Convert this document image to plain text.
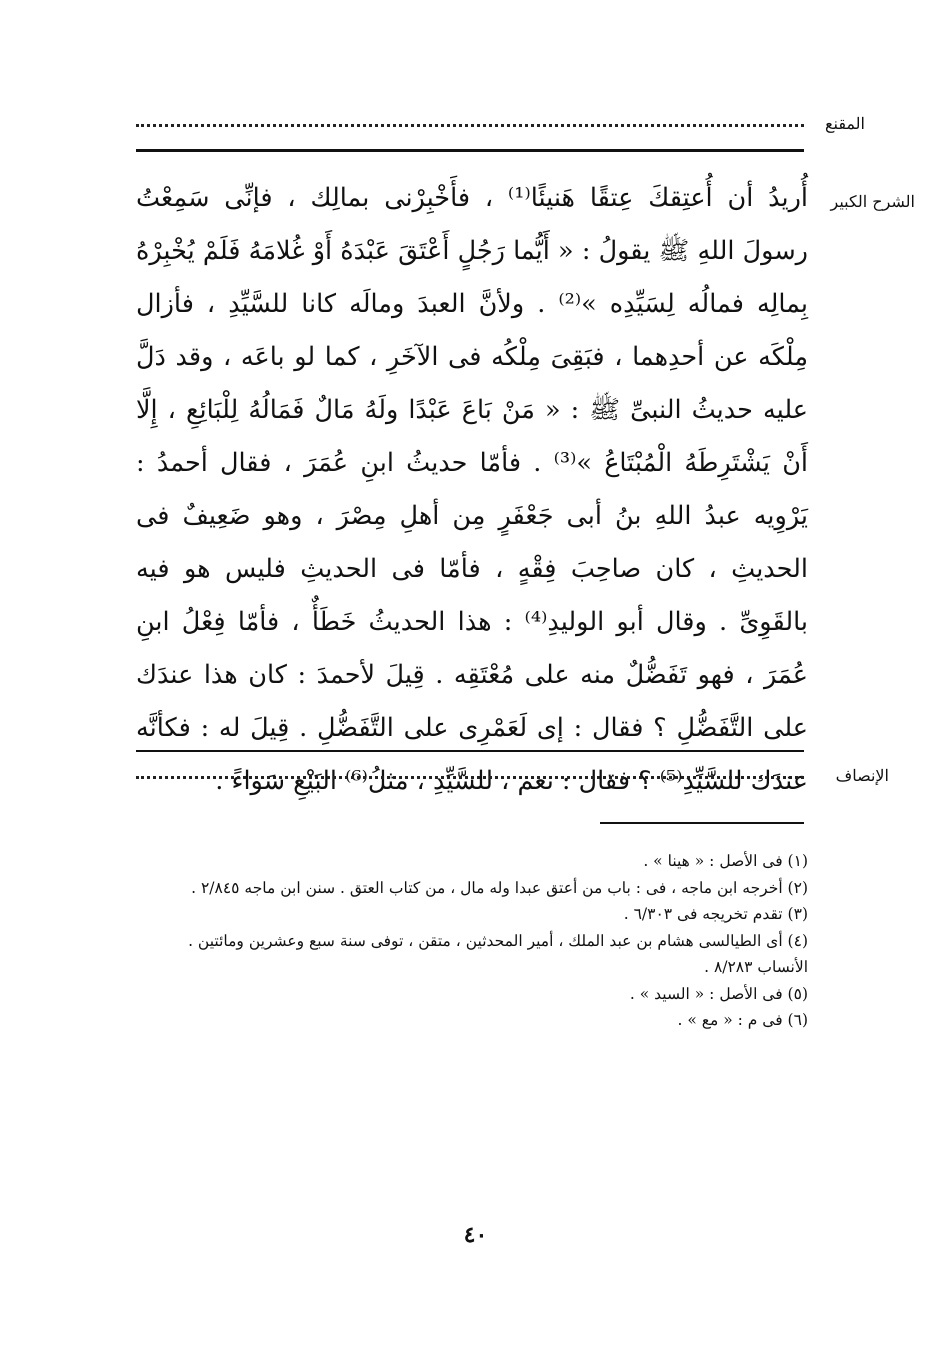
المقنع
الشرح الكبير

أُريدُ أن أُعتِقكَ عِتقًا هَنيئًا⁽¹⁾ ، فأَخْبِرْنى بمالِك ، فإنِّى سَمِعْتُ رسولَ اللهِ ﷺ يقولُ : « أَيُّما رَجُلٍ أَعْتَقَ عَبْدَهُ أَوْ غُلامَهُ فَلَمْ يُخْبِرْهُ بِمالِه فمالُه لِسَيِّدِه »⁽²⁾ . ولأنَّ العبدَ ومالَه كانا للسَّيِّدِ ، فأزال مِلْكَه عن أحدِهما ، فبَقِىَ مِلْكُه فى الآخَرِ ، كما لو باعَه ، وقد دَلَّ عليه حديثُ النبىِّ ﷺ : « مَنْ بَاعَ عَبْدًا ولَهُ مَالٌ فَمَالُهُ لِلْبَائِعِ ، إِلَّا أَنْ يَشْتَرِطَهُ الْمُبْتَاعُ »⁽³⁾ . فأمّا حديثُ ابنِ عُمَرَ ، فقال أحمدُ : يَرْوِيه عبدُ اللهِ بنُ أبى جَعْفَرٍ مِن أهلِ مِصْرَ ، وهو ضَعِيفٌ فى الحديثِ ، كان صاحِبَ فِقْهٍ ، فأمّا فى الحديثِ فليس هو فيه بالقَوِىِّ . وقال أبو الوليدِ⁽⁴⁾ : هذا الحديثُ خَطَأٌ ، فأمّا فِعْلُ ابنِ عُمَرَ ، فهو تَفَضُّلٌ منه على مُعْتَقِه . قِيلَ لأحمدَ : كان هذا عندَك على التَّفَضُّلِ ؟ فقال : إى لَعَمْرِى على التَّفَضُّلِ . قِيلَ له : فكأنَّه عندَك للسَّيِّدِ⁽⁵⁾ ؟ فقال : نعم ، للسَّيِّدِ ، مثلُ⁽⁶⁾ البَيْعِ سَواءً . الإنصاف
(١) فى الأصل : « هينا » .
(٢) أخرجه ابن ماجه ، فى : باب من أعتق عبدا وله مال ، من كتاب العتق . سنن ابن ماجه ٢/٨٤٥ .
(٣) تقدم تخريجه فى ٦/٣٠٣ .
(٤) أى الطيالسى هشام بن عبد الملك ، أمير المحدثين ، متقن ، توفى سنة سبع وعشرين ومائتين . الأنساب ٨/٢٨٣ .
(٥) فى الأصل : « السيد » .
(٦) فى م : « مع » .
٤٠
